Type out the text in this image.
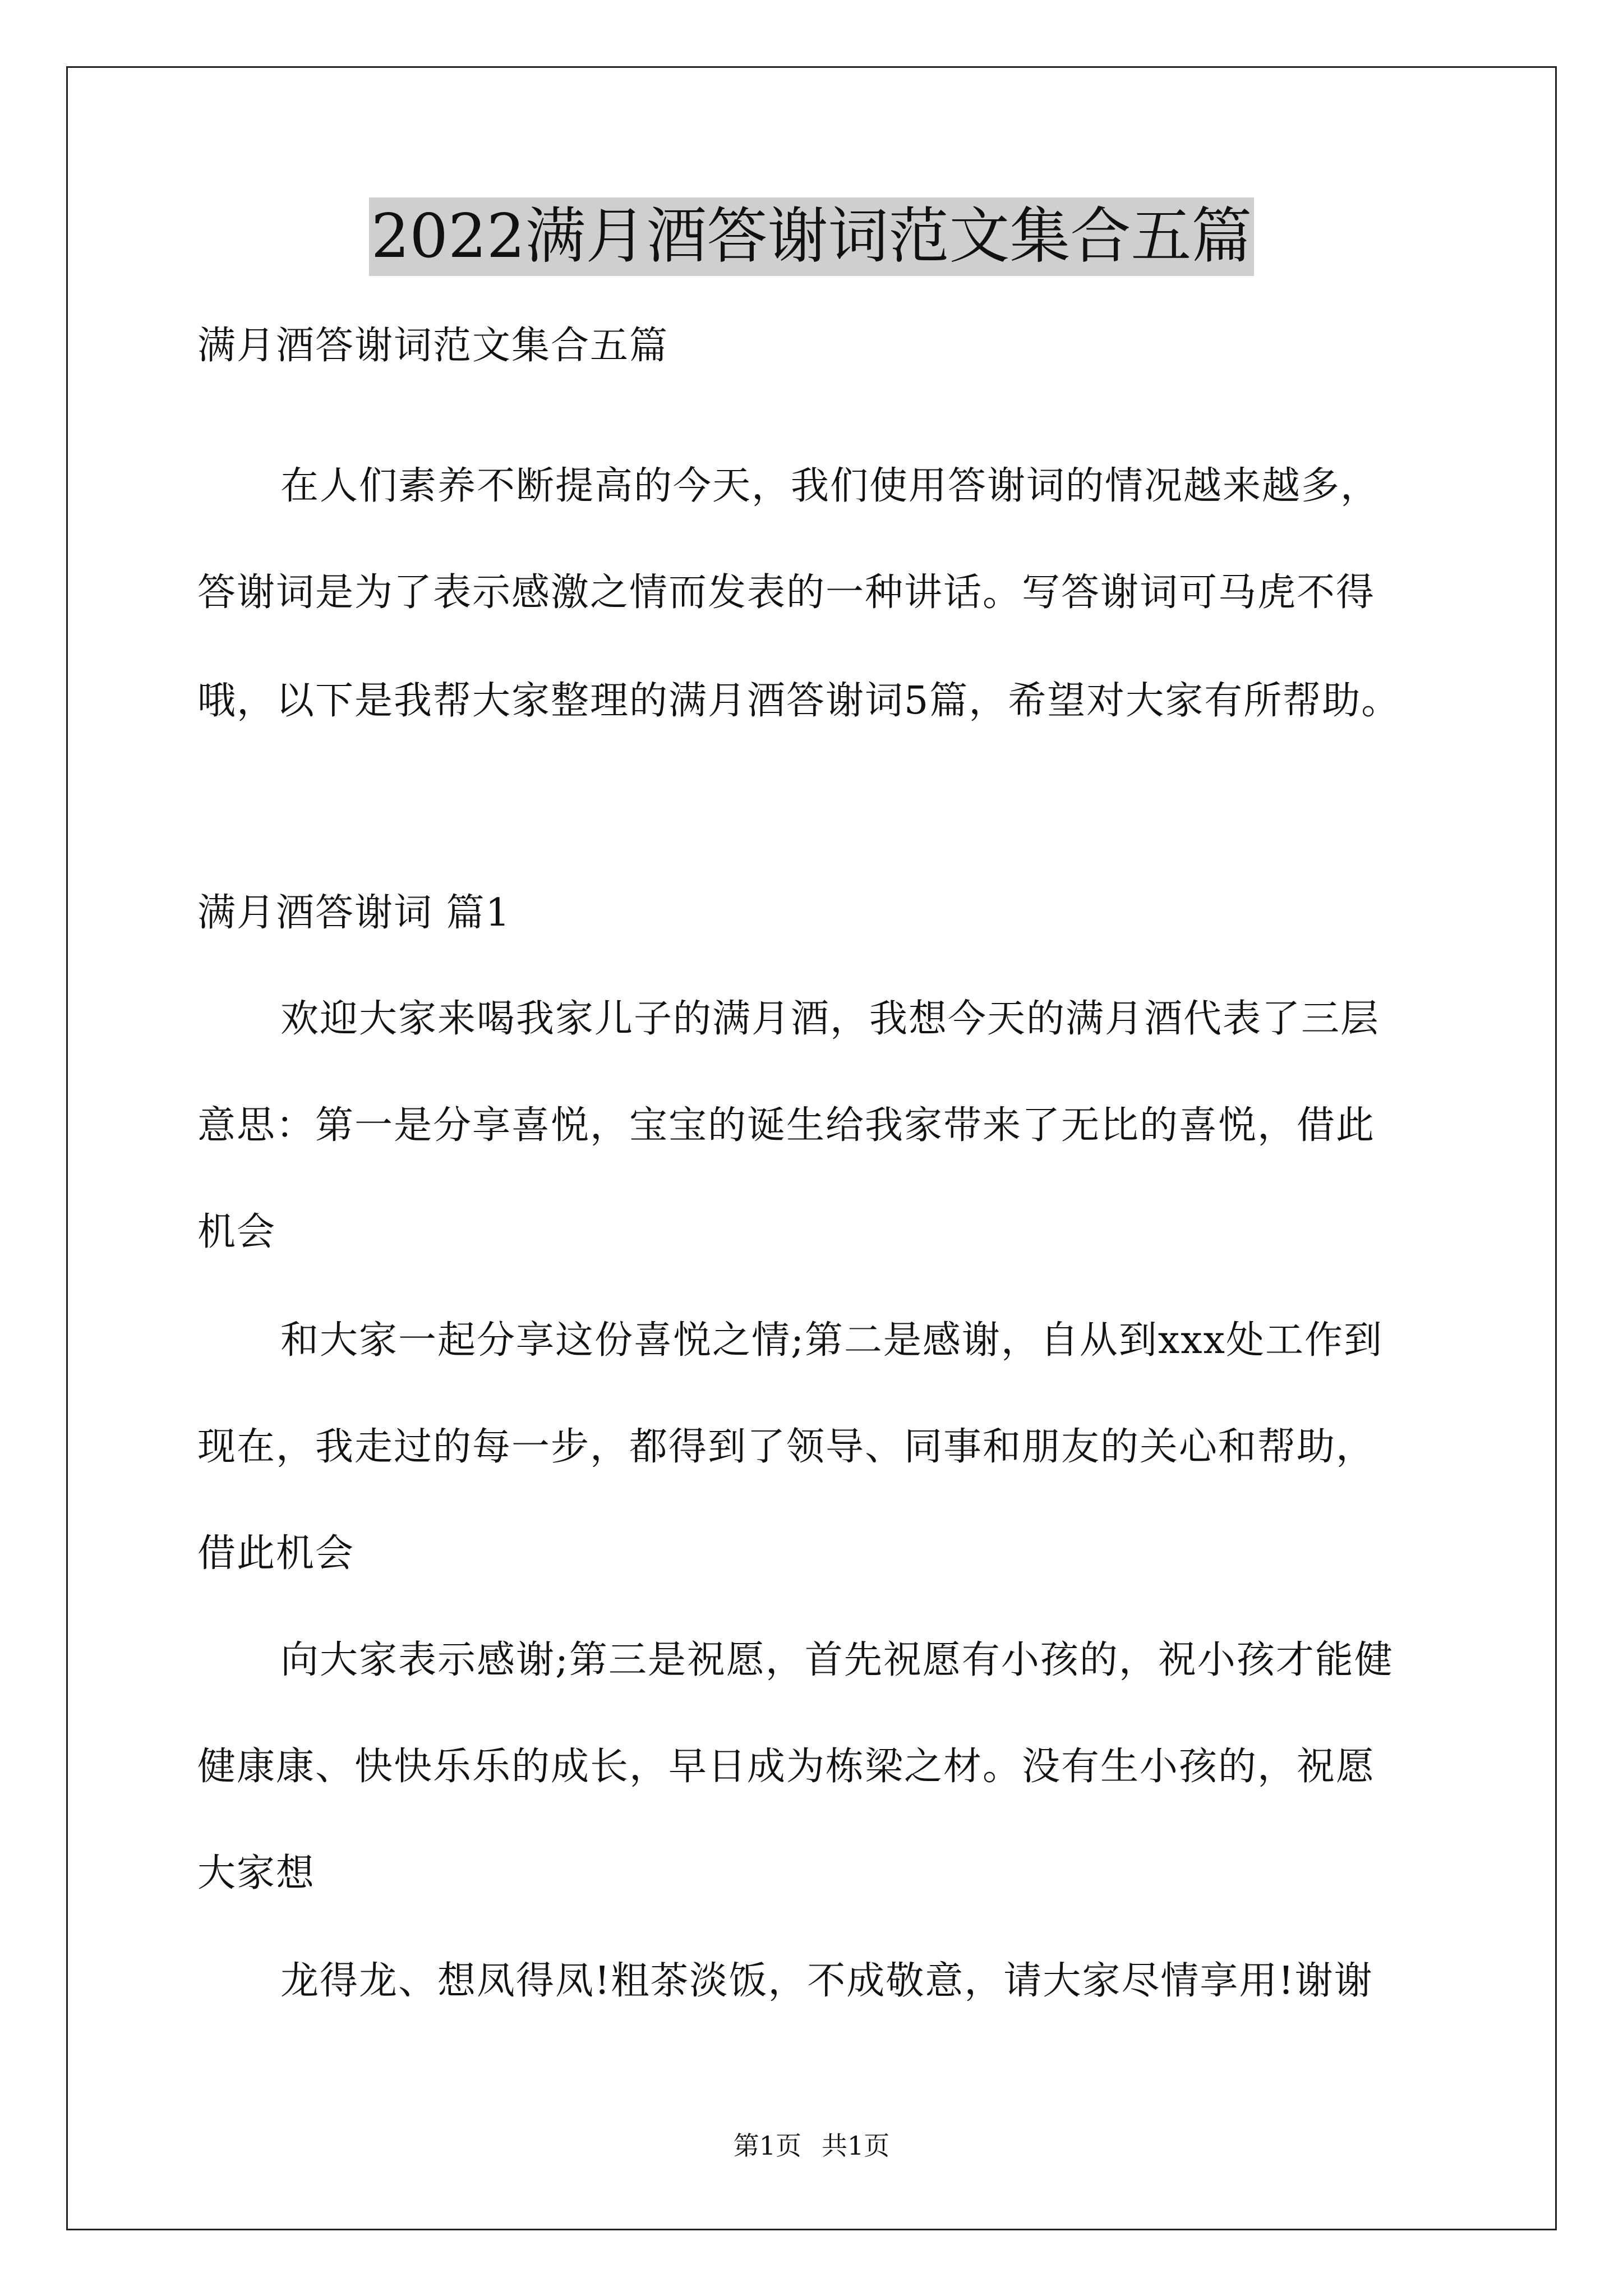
2022满月酒答谢词范文集合五篇
满月酒答谢词范文集合五篇
在人们素养不断提高的今天，我们使用答谢词的情况越来越多，
答谢词是为了表示感激之情而发表的一种讲话。写答谢词可马虎不得
哦，以下是我帮大家整理的满月酒答谢词5篇，希望对大家有所帮助。
满月酒答谢词 篇1
欢迎大家来喝我家儿子的满月酒，我想今天的满月酒代表了三层
意思：第一是分享喜悦，宝宝的诞生给我家带来了无比的喜悦，借此
机会
和大家一起分享这份喜悦之情;第二是感谢，自从到xxx处工作到
现在，我走过的每一步，都得到了领导、同事和朋友的关心和帮助，
借此机会
向大家表示感谢;第三是祝愿，首先祝愿有小孩的，祝小孩才能健
健康康、快快乐乐的成长，早日成为栋梁之材。没有生小孩的，祝愿
大家想
龙得龙、想凤得凤!粗茶淡饭，不成敬意，请大家尽情享用!谢谢
第1页 共1页
